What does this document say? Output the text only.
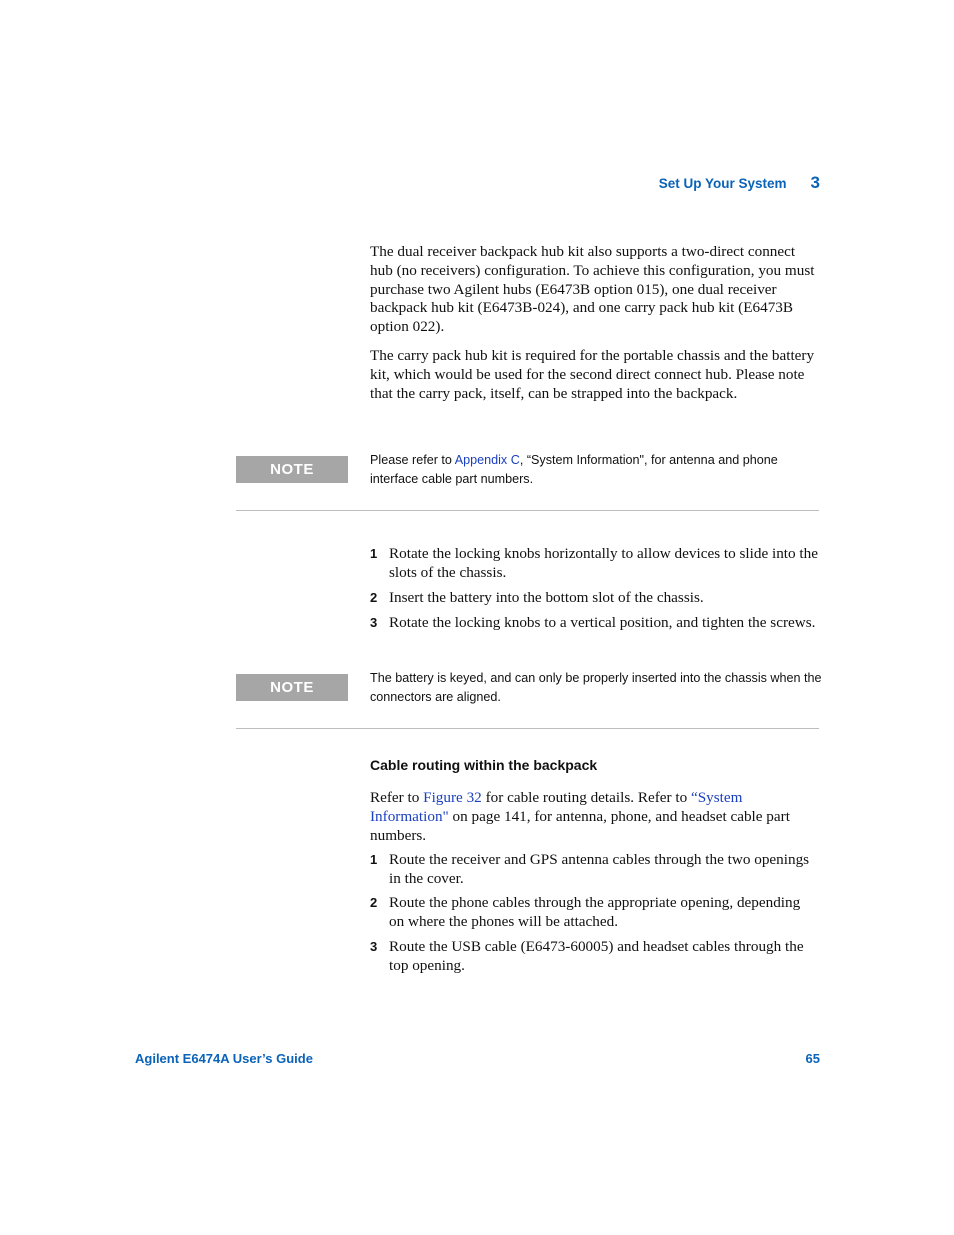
Set Up Your System 3

The dual receiver backpack hub kit also supports a two-direct connect hub (no receivers) configuration. To achieve this configuration, you must purchase two Agilent hubs (E6473B option 015), one dual receiver backpack hub kit (E6473B-024), and one carry pack hub kit (E6473B option 022).

The carry pack hub kit is required for the portable chassis and the battery kit, which would be used for the second direct connect hub. Please note that the carry pack, itself, can be strapped into the backpack.

NOTE

Please refer to Appendix C, “System Information", for antenna and phone interface cable part numbers.

1 Rotate the locking knobs horizontally to allow devices to slide into the slots of the chassis.
2 Insert the battery into the bottom slot of the chassis.
3 Rotate the locking knobs to a vertical position, and tighten the screws.
NOTE

The battery is keyed, and can only be properly inserted into the chassis when the connectors are aligned.

Cable routing within the backpack

Refer to Figure 32 for cable routing details. Refer to “System Information" on page 141, for antenna, phone, and headset cable part numbers.

1 Route the receiver and GPS antenna cables through the two openings in the cover.
2 Route the phone cables through the appropriate opening, depending on where the phones will be attached.
3 Route the USB cable (E6473-60005) and headset cables through the top opening.
Agilent E6474A User’s Guide	65
